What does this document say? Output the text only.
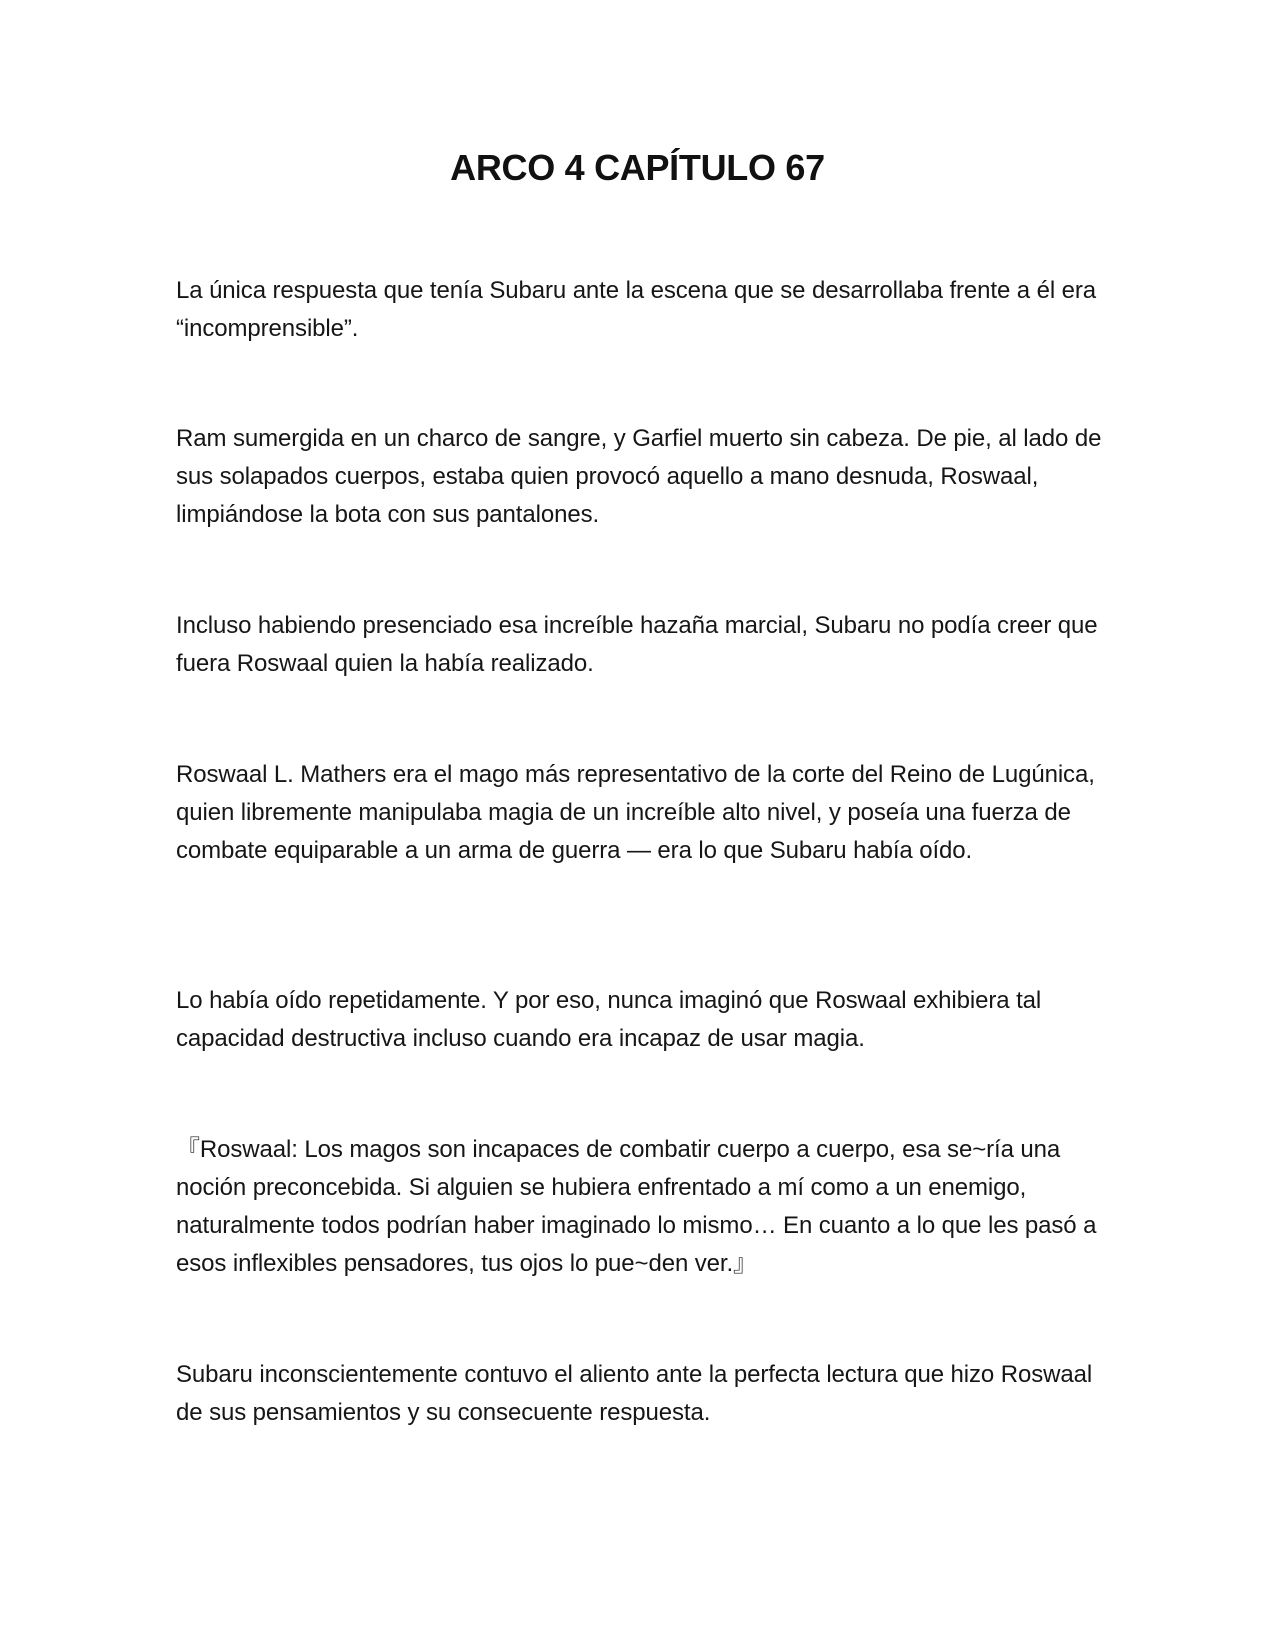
ARCO 4 CAPÍTULO 67

La única respuesta que tenía Subaru ante la escena que se desarrollaba frente a él era “incomprensible”.

Ram sumergida en un charco de sangre, y Garfiel muerto sin cabeza. De pie, al lado de sus solapados cuerpos, estaba quien provocó aquello a mano desnuda, Roswaal, limpiándose la bota con sus pantalones.

Incluso habiendo presenciado esa increíble hazaña marcial, Subaru no podía creer que fuera Roswaal quien la había realizado.

Roswaal L. Mathers era el mago más representativo de la corte del Reino de Lugúnica, quien libremente manipulaba magia de un increíble alto nivel, y poseía una fuerza de combate equiparable a un arma de guerra — era lo que Subaru había oído.

Lo había oído repetidamente. Y por eso, nunca imaginó que Roswaal exhibiera tal capacidad destructiva incluso cuando era incapaz de usar magia.

『Roswaal: Los magos son incapaces de combatir cuerpo a cuerpo, esa se~ría una noción preconcebida. Si alguien se hubiera enfrentado a mí como a un enemigo, naturalmente todos podrían haber imaginado lo mismo… En cuanto a lo que les pasó a esos inflexibles pensadores, tus ojos lo pue~den ver.』

Subaru inconscientemente contuvo el aliento ante la perfecta lectura que hizo Roswaal de sus pensamientos y su consecuente respuesta.
